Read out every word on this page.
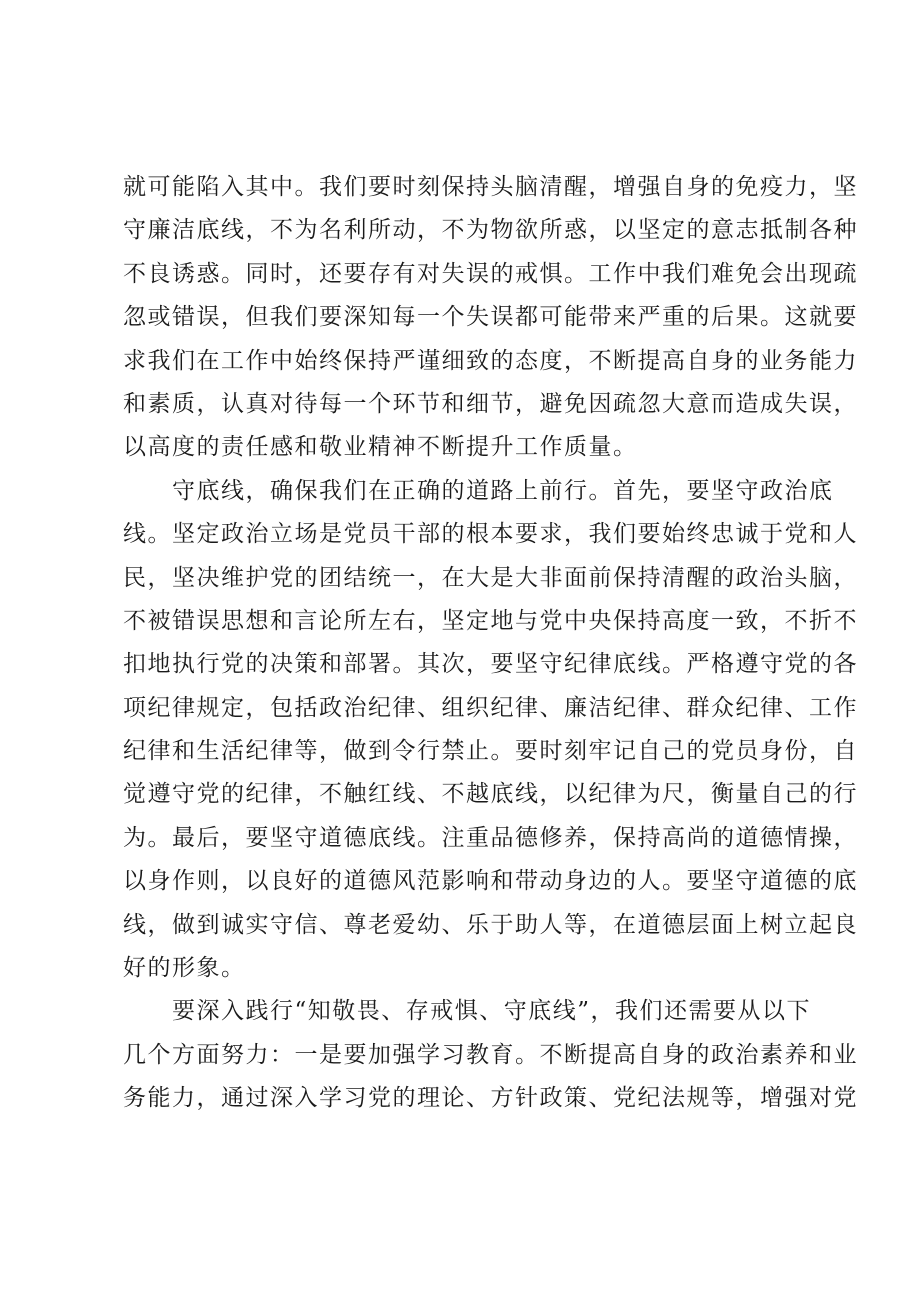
就可能陷入其中。我们要时刻保持头脑清醒，增强自身的免疫力，坚
守廉洁底线，不为名利所动，不为物欲所惑，以坚定的意志抵制各种
不良诱惑。同时，还要存有对失误的戒惧。工作中我们难免会出现疏
忽或错误，但我们要深知每一个失误都可能带来严重的后果。这就要
求我们在工作中始终保持严谨细致的态度，不断提高自身的业务能力
和素质，认真对待每一个环节和细节，避免因疏忽大意而造成失误，
以高度的责任感和敬业精神不断提升工作质量。

　　守底线，确保我们在正确的道路上前行。首先，要坚守政治底
线。坚定政治立场是党员干部的根本要求，我们要始终忠诚于党和人
民，坚决维护党的团结统一，在大是大非面前保持清醒的政治头脑，
不被错误思想和言论所左右，坚定地与党中央保持高度一致，不折不
扣地执行党的决策和部署。其次，要坚守纪律底线。严格遵守党的各
项纪律规定，包括政治纪律、组织纪律、廉洁纪律、群众纪律、工作
纪律和生活纪律等，做到令行禁止。要时刻牢记自己的党员身份，自
觉遵守党的纪律，不触红线、不越底线，以纪律为尺，衡量自己的行
为。最后，要坚守道德底线。注重品德修养，保持高尚的道德情操，
以身作则，以良好的道德风范影响和带动身边的人。要坚守道德的底
线，做到诚实守信、尊老爱幼、乐于助人等，在道德层面上树立起良
好的形象。

　　要深入践行“知敬畏、存戒惧、守底线”，我们还需要从以下
几个方面努力：一是要加强学习教育。不断提高自身的政治素养和业
务能力，通过深入学习党的理论、方针政策、党纪法规等，增强对党
